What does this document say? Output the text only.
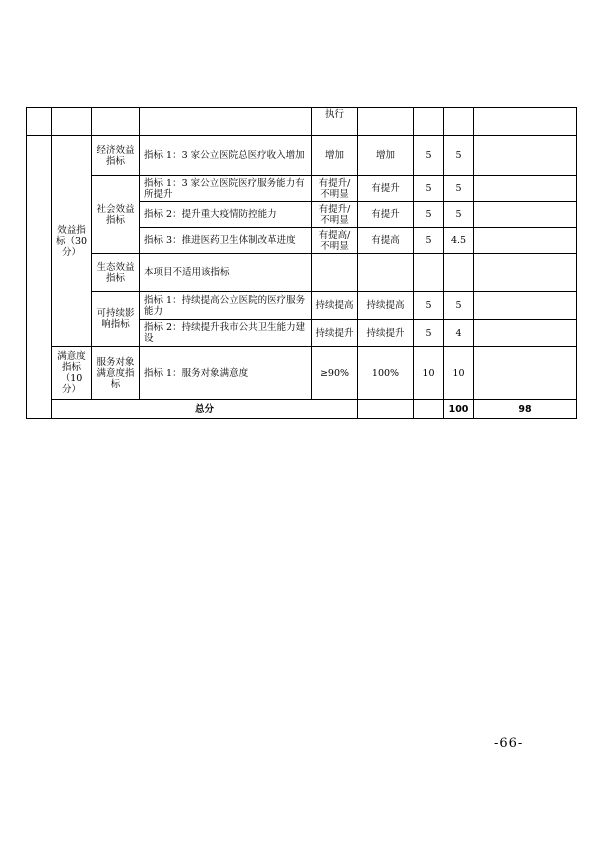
				执行					
	效益指标（30分）	经济效益指标	指标 1：3 家公立医院总医疗收入增加	增加	增加	5	5		
		社会效益指标	指标 1：3 家公立医院医疗服务能力有所提升	有提升/不明显	有提升	5	5		
			指标 2：提升重大疫情防控能力	有提升/不明显	有提升	5	5		
			指标 3：推进医药卫生体制改革进度	有提高/不明显	有提高	5	4.5		
		生态效益指标	本项目不适用该指标						
		可持续影响指标	指标 1：持续提高公立医院的医疗服务能力	持续提高	持续提高	5	5		
			指标 2：持续提升我市公共卫生能力建设	持续提升	持续提升	5	4		
	满意度指标（10分）	服务对象满意度指标	指标 1：服务对象满意度	≥90%	100%	10	10		
	总分						100	98	
-66-
